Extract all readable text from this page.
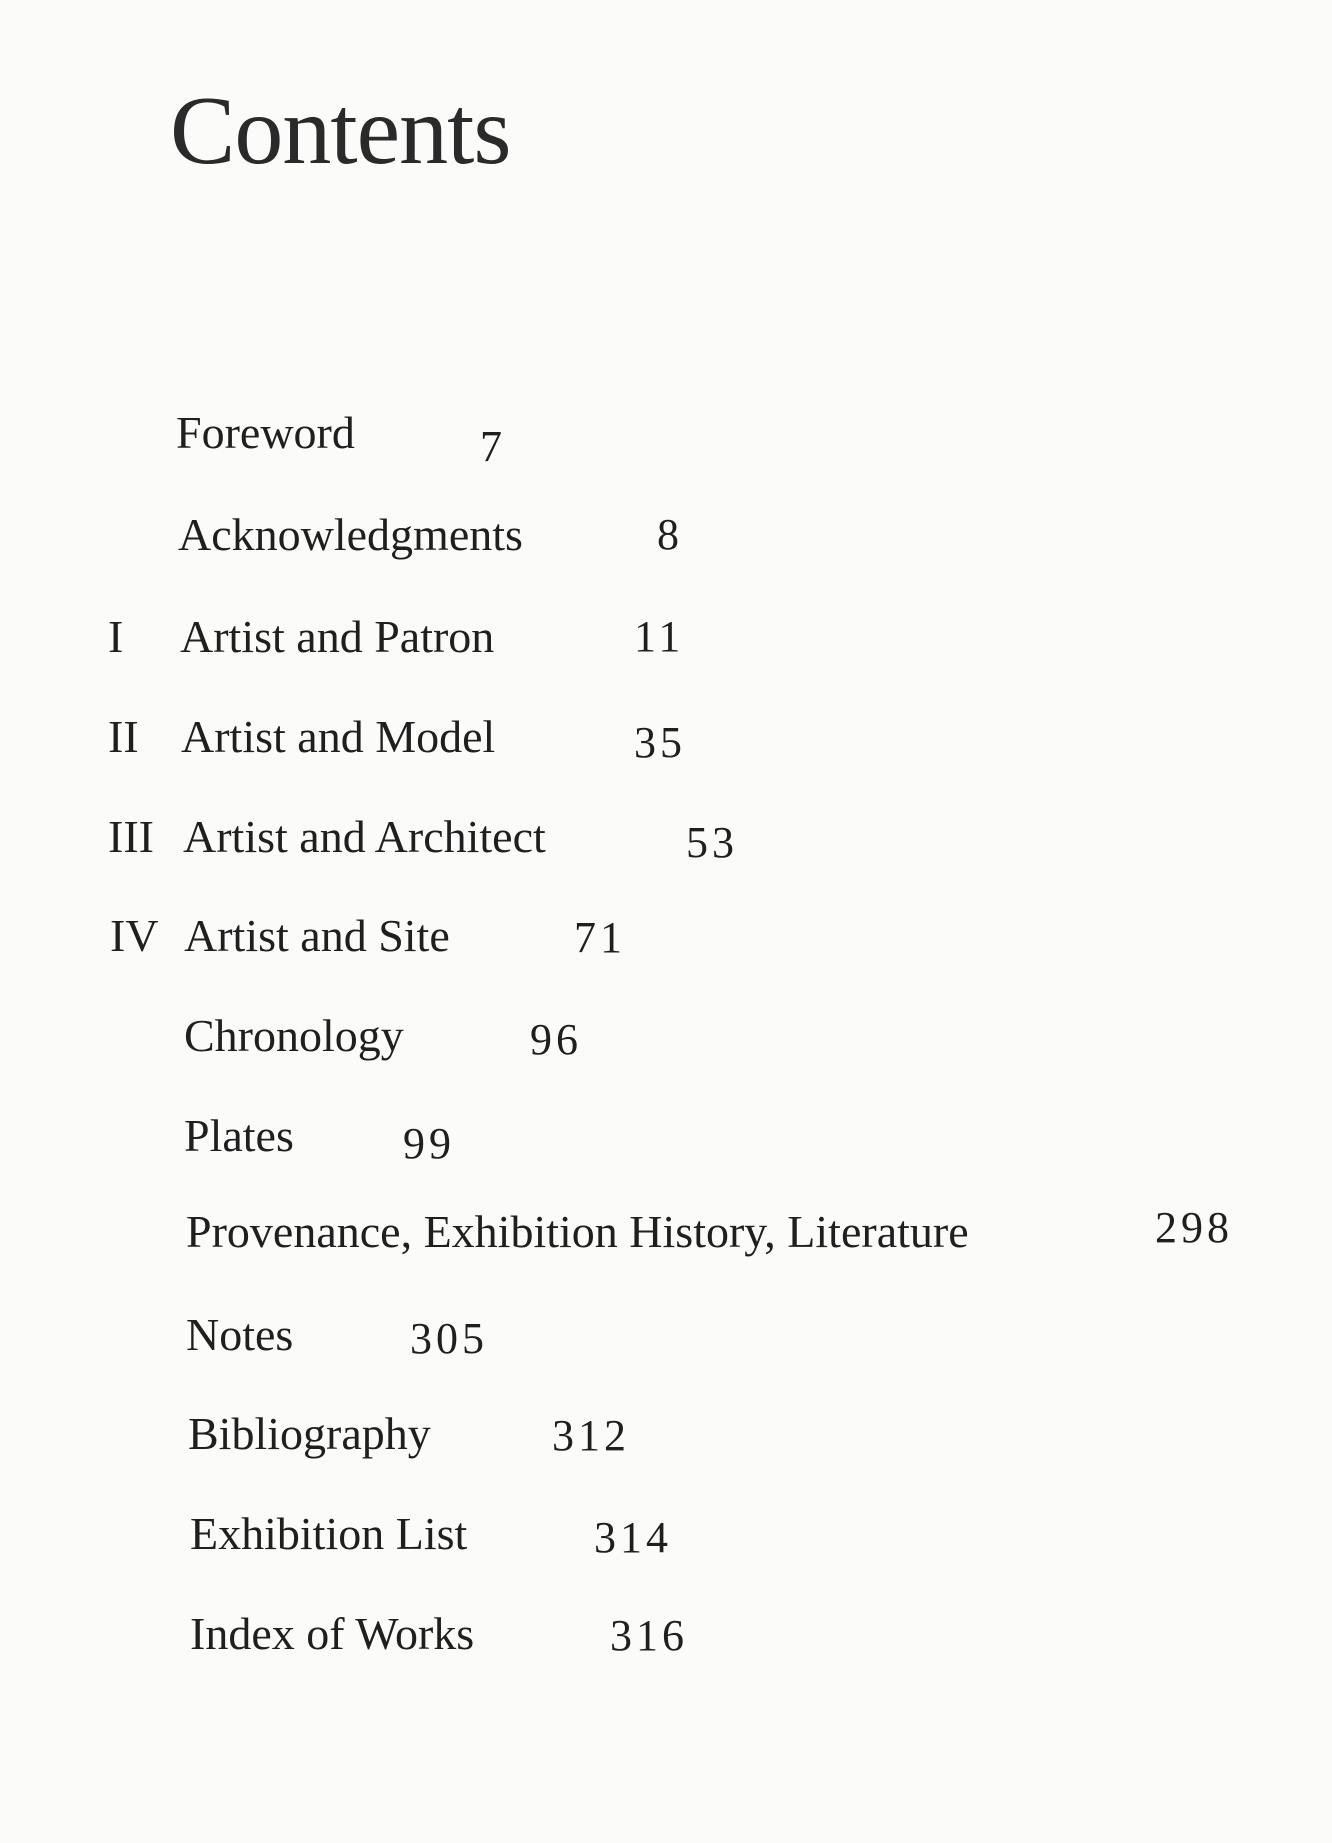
Contents
Foreword	7
Acknowledgments	8
I Artist and Patron	11
II Artist and Model	35
III Artist and Architect	53
IV Artist and Site	71
Chronology	96
Plates 99
Provenance, Exhibition History, Literature	298
Notes	305
Bibliography	312
Exhibition List	314
Index of Works	316
